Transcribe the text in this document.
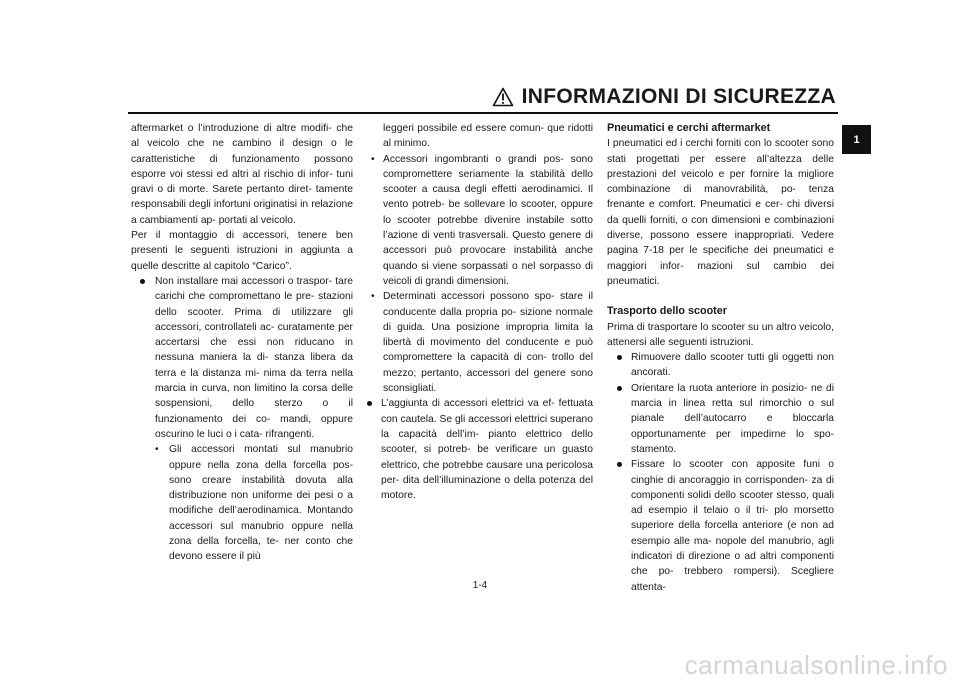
INFORMAZIONI DI SICUREZZA
1

aftermarket o l’introduzione di altre modifi- che al veicolo che ne cambino il design o le caratteristiche di funzionamento possono esporre voi stessi ed altri al rischio di infor- tuni gravi o di morte. Sarete pertanto diret- tamente responsabili degli infortuni originatisi in relazione a cambiamenti ap- portati al veicolo.

Per il montaggio di accessori, tenere ben presenti le seguenti istruzioni in aggiunta a quelle descritte al capitolo “Carico”.

Non installare mai accessori o traspor- tare carichi che compromettano le pre- stazioni dello scooter. Prima di utilizzare gli accessori, controllateli ac- curatamente per accertarsi che essi non riducano in nessuna maniera la di- stanza libera da terra e la distanza mi- nima da terra nella marcia in curva, non limitino la corsa delle sospensioni, dello sterzo o il funzionamento dei co- mandi, oppure oscurino le luci o i cata- rifrangenti.
• Gli accessori montati sul manubrio oppure nella zona della forcella pos- sono creare instabilità dovuta alla distribuzione non uniforme dei pesi o a modifiche dell’aerodinamica. Montando accessori sul manubrio oppure nella zona della forcella, te- ner conto che devono essere il più
leggeri possibile ed essere comun- que ridotti al minimo.
• Accessori ingombranti o grandi pos- sono compromettere seriamente la stabilità dello scooter a causa degli effetti aerodinamici. Il vento potreb- be sollevare lo scooter, oppure lo scooter potrebbe divenire instabile sotto l’azione di venti trasversali. Questo genere di accessori può provocare instabilità anche quando si viene sorpassati o nel sorpasso di veicoli di grandi dimensioni.
• Determinati accessori possono spo- stare il conducente dalla propria po- sizione normale di guida. Una posizione impropria limita la libertà di movimento del conducente e può compromettere la capacità di con- trollo del mezzo; pertanto, accessori del genere sono sconsigliati.
L’aggiunta di accessori elettrici va ef- fettuata con cautela. Se gli accessori elettrici superano la capacità dell’im- pianto elettrico dello scooter, si potreb- be verificare un guasto elettrico, che potrebbe causare una pericolosa per- dita dell’illuminazione o della potenza del motore.

Pneumatici e cerchi aftermarket

I pneumatici ed i cerchi forniti con lo scooter sono stati progettati per essere all’altezza delle prestazioni del veicolo e per fornire la migliore combinazione di manovrabilità, po- tenza frenante e comfort. Pneumatici e cer- chi diversi da quelli forniti, o con dimensioni e combinazioni diverse, possono essere inappropriati. Vedere pagina 7-18 per le specifiche dei pneumatici e maggiori infor- mazioni sul cambio dei pneumatici.

Trasporto dello scooter

Prima di trasportare lo scooter su un altro veicolo, attenersi alle seguenti istruzioni.

Rimuovere dallo scooter tutti gli oggetti non ancorati.
Orientare la ruota anteriore in posizio- ne di marcia in linea retta sul rimorchio o sul pianale dell’autocarro e bloccarla opportunamente per impedirne lo spo- stamento.
Fissare lo scooter con apposite funi o cinghie di ancoraggio in corrisponden- za di componenti solidi dello scooter stesso, quali ad esempio il telaio o il tri- plo morsetto superiore della forcella anteriore (e non ad esempio alle ma- nopole del manubrio, agli indicatori di direzione o ad altri componenti che po- trebbero rompersi). Scegliere attenta-
1-4
carmanualsonline.info
